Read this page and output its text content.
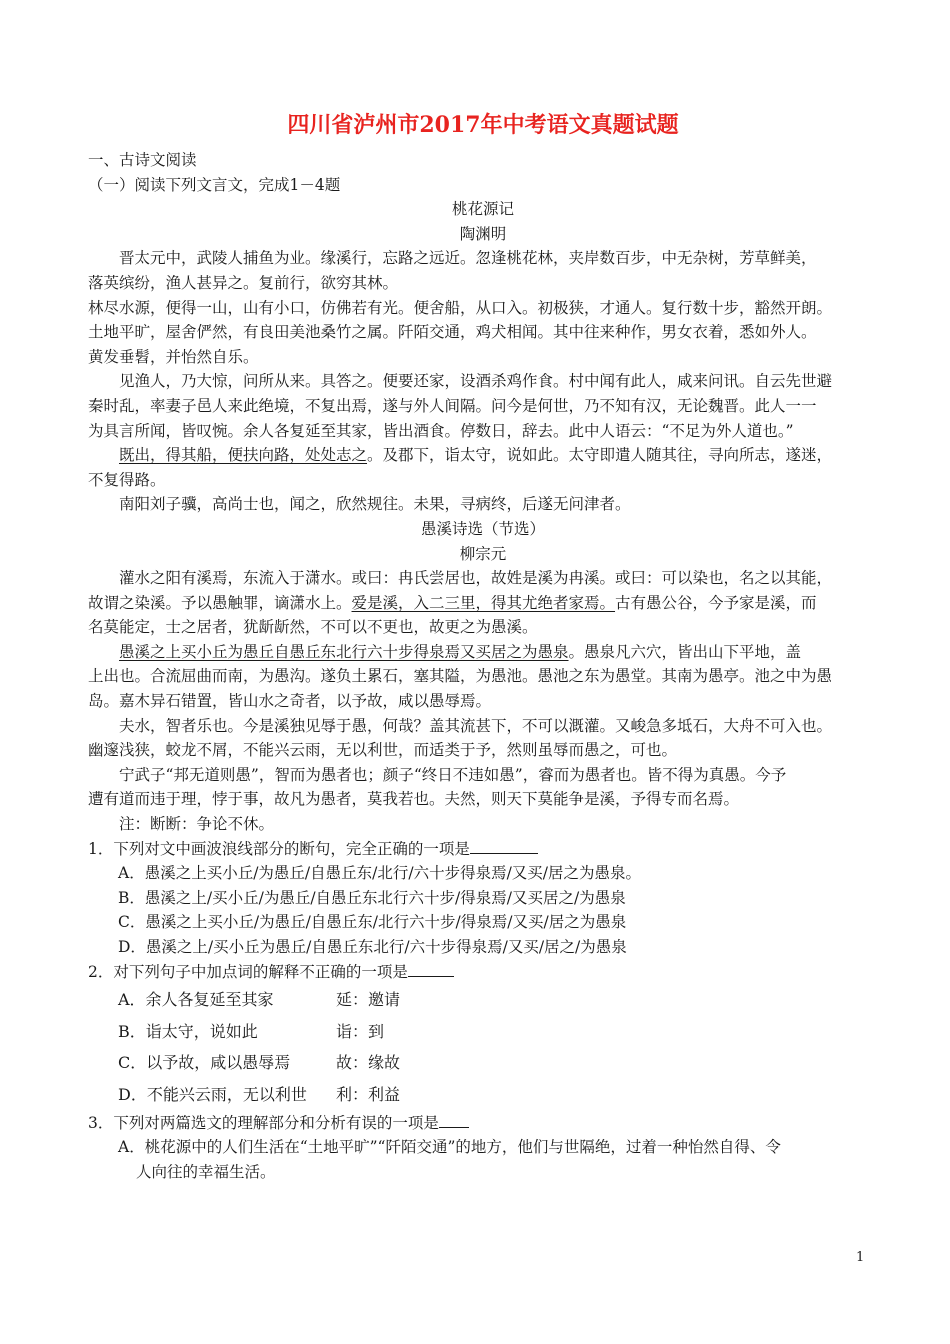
四川省泸州市2017年中考语文真题试题
一、古诗文阅读
（一）阅读下列文言文，完成1－4题
桃花源记
陶渊明
晋太元中，武陵人捕鱼为业。缘溪行，忘路之远近。忽逢桃花林，夹岸数百步，中无杂树，芳草鲜美，
落英缤纷，渔人甚异之。复前行，欲穷其林。
林尽水源，便得一山，山有小口，仿佛若有光。便舍船，从口入。初极狭，才通人。复行数十步，豁然开朗。
土地平旷，屋舍俨然，有良田美池桑竹之属。阡陌交通，鸡犬相闻。其中往来种作，男女衣着，悉如外人。
黄发垂髫，并怡然自乐。
见渔人，乃大惊，问所从来。具答之。便要还家，设酒杀鸡作食。村中闻有此人，咸来问讯。自云先世避
秦时乱，率妻子邑人来此绝境，不复出焉，遂与外人间隔。问今是何世，乃不知有汉，无论魏晋。此人一一
为具言所闻，皆叹惋。余人各复延至其家，皆出酒食。停数日，辞去。此中人语云：“不足为外人道也。”
既出，得其船，便扶向路，处处志之。及郡下，诣太守，说如此。太守即遣人随其往，寻向所志，遂迷，
不复得路。
南阳刘子骥，高尚士也，闻之，欣然规往。未果，寻病终，后遂无问津者。
愚溪诗选（节选）
柳宗元
灌水之阳有溪焉，东流入于潇水。或曰：冉氏尝居也，故姓是溪为冉溪。或曰：可以染也，名之以其能，
故谓之染溪。予以愚触罪，谪潇水上。爱是溪，入二三里，得其尤绝者家焉。古有愚公谷，今予家是溪，而
名莫能定，士之居者，犹龂龂然，不可以不更也，故更之为愚溪。
愚溪之上买小丘为愚丘自愚丘东北行六十步得泉焉又买居之为愚泉。愚泉凡六穴，皆出山下平地，盖
上出也。合流屈曲而南，为愚沟。遂负土累石，塞其隘，为愚池。愚池之东为愚堂。其南为愚亭。池之中为愚
岛。嘉木异石错置，皆山水之奇者，以予故，咸以愚辱焉。
夫水，智者乐也。今是溪独见辱于愚，何哉？盖其流甚下，不可以溉灌。又峻急多坻石，大舟不可入也。
幽邃浅狭，蛟龙不屑，不能兴云雨，无以利世，而适类于予，然则虽辱而愚之，可也。
宁武子“邦无道则愚”，智而为愚者也；颜子“终日不违如愚”，睿而为愚者也。皆不得为真愚。今予
遭有道而违于理，悖于事，故凡为愚者，莫我若也。夫然，则天下莫能争是溪，予得专而名焉。
注：断断：争论不休。
1．下列对文中画波浪线部分的断句，完全正确的一项是
A．愚溪之上买小丘/为愚丘/自愚丘东/北行/六十步得泉焉/又买/居之为愚泉。
B．愚溪之上/买小丘/为愚丘/自愚丘东北行六十步/得泉焉/又买居之/为愚泉
C．愚溪之上买小丘/为愚丘/自愚丘东/北行六十步/得泉焉/又买/居之为愚泉
D．愚溪之上/买小丘为愚丘/自愚丘东北行/六十步得泉焉/又买/居之/为愚泉
2．对下列句子中加点词的解释不正确的一项是
A．余人各复延至其家	延：邀请
B．诣太守，说如此	诣：到
C．以予故，咸以愚辱焉	故：缘故
D．不能兴云雨，无以利世 利：利益
3．下列对两篇选文的理解部分和分析有误的一项是
A．桃花源中的人们生活在“土地平旷”“阡陌交通”的地方，他们与世隔绝，过着一种怡然自得、令
人向往的幸福生活。
1
